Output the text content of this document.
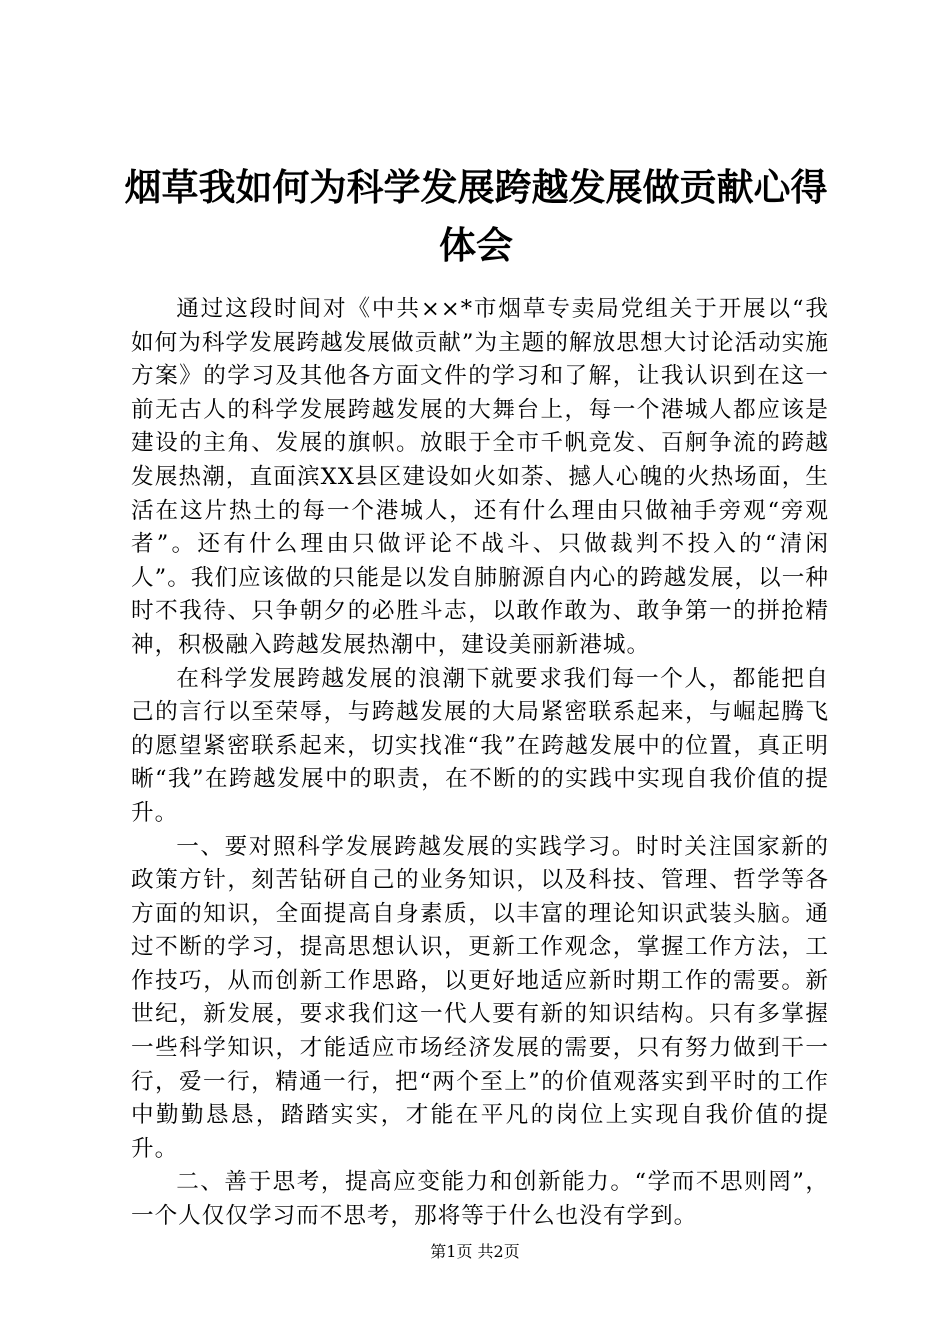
烟草我如何为科学发展跨越发展做贡献心得体会

通过这段时间对《中共××*市烟草专卖局党组关于开展以“我如何为科学发展跨越发展做贡献”为主题的解放思想大讨论活动实施方案》的学习及其他各方面文件的学习和了解，让我认识到在这一前无古人的科学发展跨越发展的大舞台上，每一个港城人都应该是建设的主角、发展的旗帜。放眼于全市千帆竞发、百舸争流的跨越发展热潮，直面滨XX县区建设如火如荼、撼人心魄的火热场面，生活在这片热土的每一个港城人，还有什么理由只做袖手旁观“旁观者”。还有什么理由只做评论不战斗、只做裁判不投入的“清闲人”。我们应该做的只能是以发自肺腑源自内心的跨越发展，以一种时不我待、只争朝夕的必胜斗志，以敢作敢为、敢争第一的拼抢精神，积极融入跨越发展热潮中，建设美丽新港城。

在科学发展跨越发展的浪潮下就要求我们每一个人，都能把自己的言行以至荣辱，与跨越发展的大局紧密联系起来，与崛起腾飞的愿望紧密联系起来，切实找准“我”在跨越发展中的位置，真正明晰“我”在跨越发展中的职责，在不断的的实践中实现自我价值的提升。

一、要对照科学发展跨越发展的实践学习。时时关注国家新的政策方针，刻苦钻研自己的业务知识，以及科技、管理、哲学等各方面的知识，全面提高自身素质，以丰富的理论知识武装头脑。通过不断的学习，提高思想认识，更新工作观念，掌握工作方法，工作技巧，从而创新工作思路，以更好地适应新时期工作的需要。新世纪，新发展，要求我们这一代人要有新的知识结构。只有多掌握一些科学知识，才能适应市场经济发展的需要，只有努力做到干一行，爱一行，精通一行，把“两个至上”的价值观落实到平时的工作中勤勤恳恳，踏踏实实，才能在平凡的岗位上实现自我价值的提升。

二、善于思考，提高应变能力和创新能力。“学而不思则罔”，一个人仅仅学习而不思考，那将等于什么也没有学到。

第1页 共2页
